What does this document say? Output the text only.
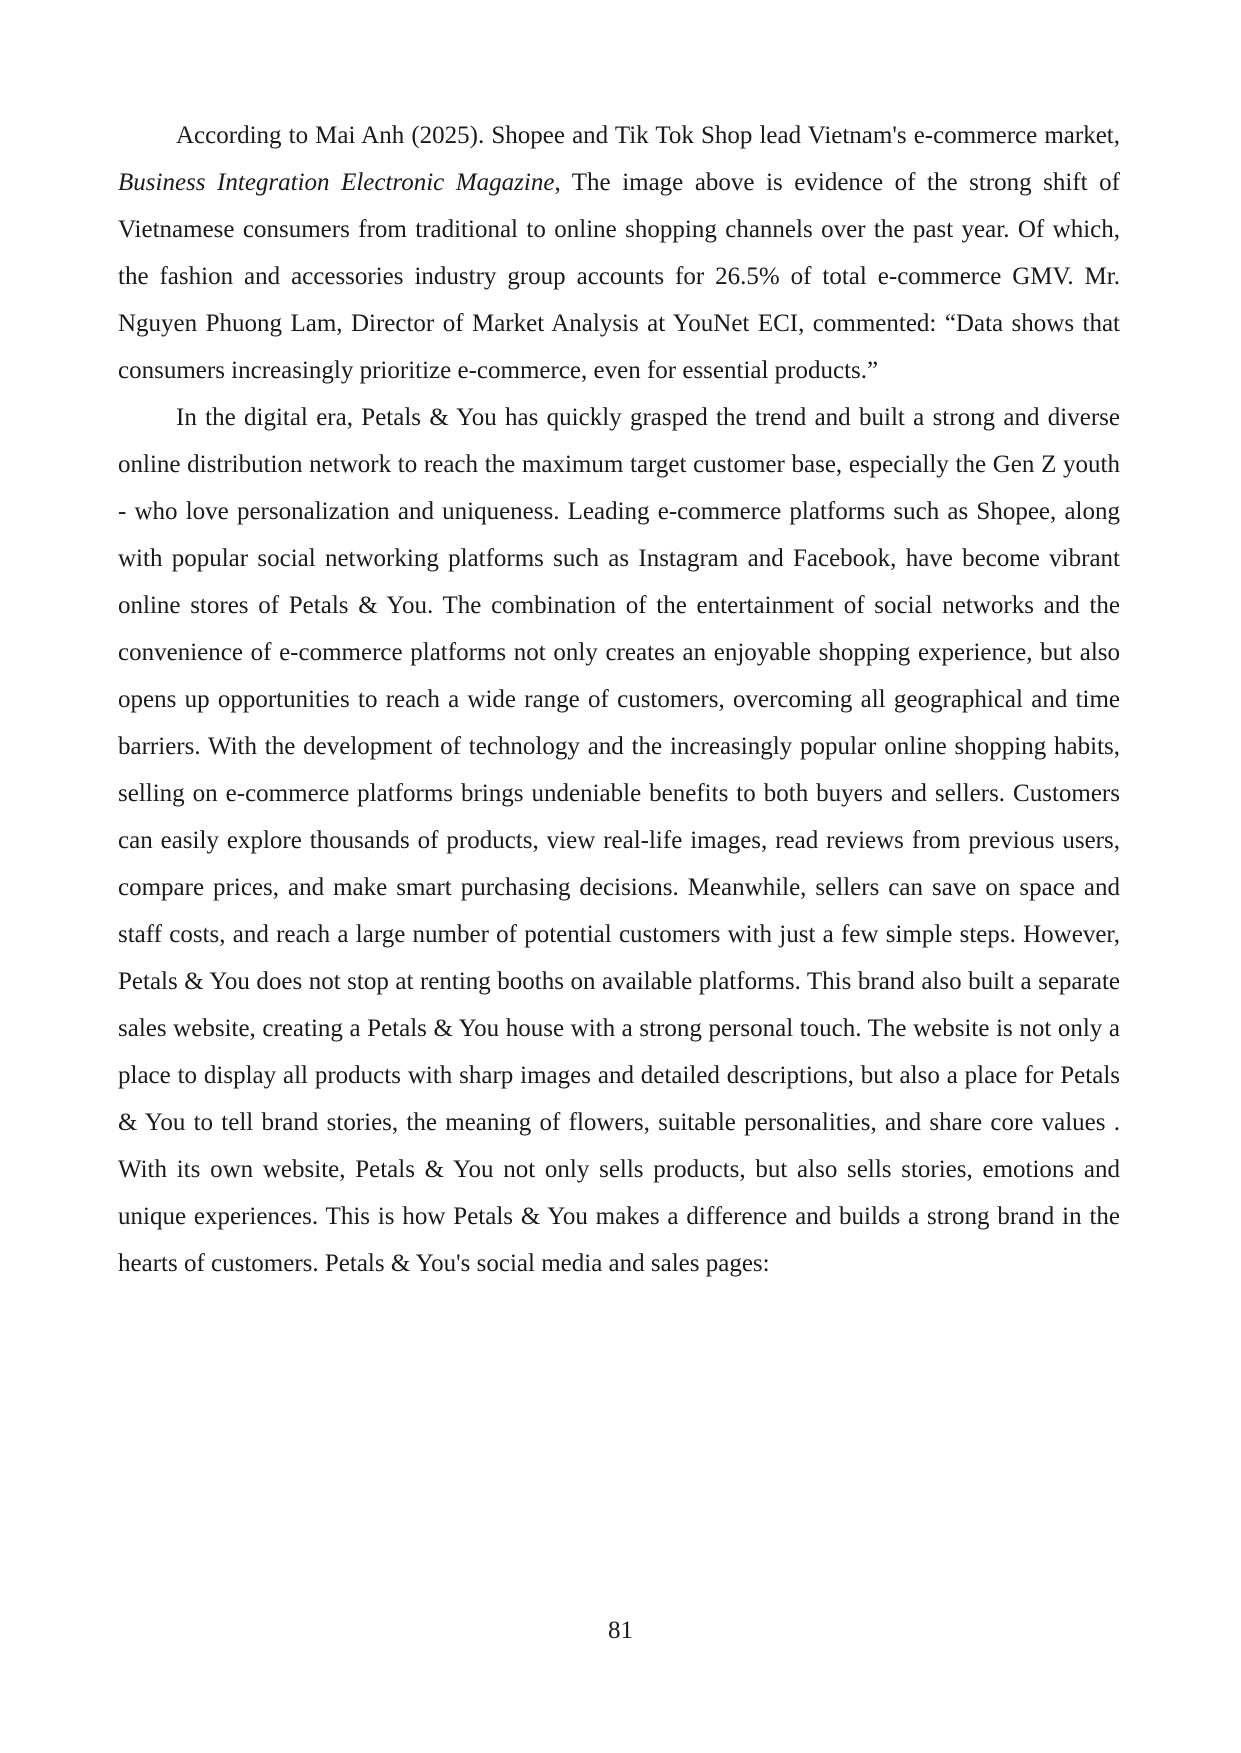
According to Mai Anh (2025). Shopee and Tik Tok Shop lead Vietnam's e-commerce market, Business Integration Electronic Magazine, The image above is evidence of the strong shift of Vietnamese consumers from traditional to online shopping channels over the past year. Of which, the fashion and accessories industry group accounts for 26.5% of total e-commerce GMV. Mr. Nguyen Phuong Lam, Director of Market Analysis at YouNet ECI, commented: “Data shows that consumers increasingly prioritize e-commerce, even for essential products.”

In the digital era, Petals & You has quickly grasped the trend and built a strong and diverse online distribution network to reach the maximum target customer base, especially the Gen Z youth - who love personalization and uniqueness. Leading e-commerce platforms such as Shopee, along with popular social networking platforms such as Instagram and Facebook, have become vibrant online stores of Petals & You. The combination of the entertainment of social networks and the convenience of e-commerce platforms not only creates an enjoyable shopping experience, but also opens up opportunities to reach a wide range of customers, overcoming all geographical and time barriers. With the development of technology and the increasingly popular online shopping habits, selling on e-commerce platforms brings undeniable benefits to both buyers and sellers. Customers can easily explore thousands of products, view real-life images, read reviews from previous users, compare prices, and make smart purchasing decisions. Meanwhile, sellers can save on space and staff costs, and reach a large number of potential customers with just a few simple steps. However, Petals & You does not stop at renting booths on available platforms. This brand also built a separate sales website, creating a Petals & You house with a strong personal touch. The website is not only a place to display all products with sharp images and detailed descriptions, but also a place for Petals & You to tell brand stories, the meaning of flowers, suitable personalities, and share core values . With its own website, Petals & You not only sells products, but also sells stories, emotions and unique experiences. This is how Petals & You makes a difference and builds a strong brand in the hearts of customers. Petals & You's social media and sales pages:

81
